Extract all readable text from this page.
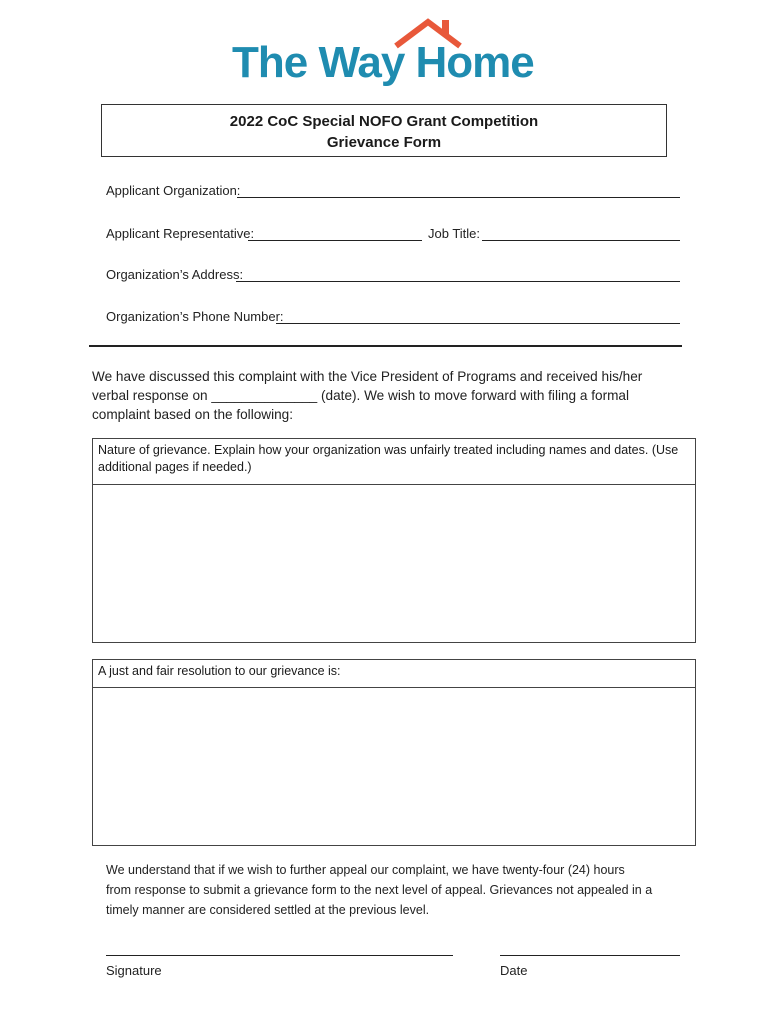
The Way Home
2022 CoC Special NOFO Grant Competition
Grievance Form
Applicant Organization:
Applicant Representative:	Job Title:
Organization’s Address:
Organization’s Phone Number:
We have discussed this complaint with the Vice President of Programs and received his/her
verbal response on ______________ (date). We wish to move forward with filing a formal
complaint based on the following:
Nature of grievance. Explain how your organization was unfairly treated including names and dates. (Use
additional pages if needed.)
A just and fair resolution to our grievance is:
We understand that if we wish to further appeal our complaint, we have twenty-four (24) hours
from response to submit a grievance form to the next level of appeal. Grievances not appealed in a
timely manner are considered settled at the previous level.
Signature	Date
